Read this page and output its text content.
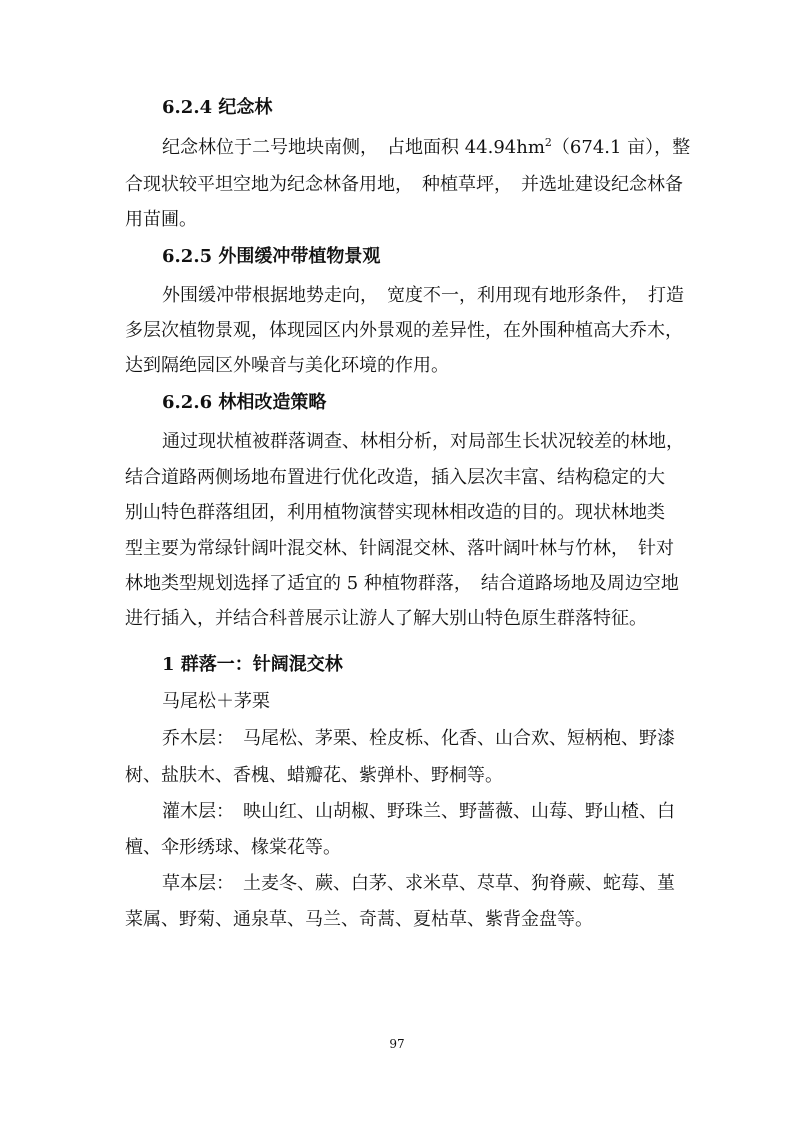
6.2.4 纪念林
纪念林位于二号地块南侧，　占地面积 $44.94hm^2(674.1$ 亩），整
合现状较平坦空地为纪念林备用地，　种植草坪，　并选址建设纪念林备
用苗圃。
6.2.5 外围缓冲带植物景观
外围缓冲带根据地势走向，　宽度不一，利用现有地形条件，　打造
多层次植物景观，体现园区内外景观的差异性，在外围种植高大乔木，
达到隔绝园区外噪音与美化环境的作用。
6.2.6 林相改造策略
通过现状植被群落调查、林相分析，对局部生长状况较差的林地，
结合道路两侧场地布置进行优化改造，插入层次丰富、结构稳定的大
别山特色群落组团，利用植物演替实现林相改造的目的。现状林地类
型主要为常绿针阔叶混交林、针阔混交林、落叶阔叶林与竹林，　针对
林地类型规划选择了适宜的 5 种植物群落，　结合道路场地及周边空地
进行插入，并结合科普展示让游人了解大别山特色原生群落特征。
1 群落一：针阔混交林
马尾松＋茅栗
乔木层：　马尾松、茅栗、栓皮栎、化香、山合欢、短柄枹、野漆
树、盐肤木、香槐、蜡瓣花、紫弹朴、野桐等。
灌木层：　映山红、山胡椒、野珠兰、野蔷薇、山莓、野山楂、白
檀、伞形绣球、椽棠花等。
草本层：　土麦冬、蕨、白茅、求米草、荩草、狗脊蕨、蛇莓、堇
菜属、野菊、通泉草、马兰、奇蒿、夏枯草、紫背金盘等。
97
